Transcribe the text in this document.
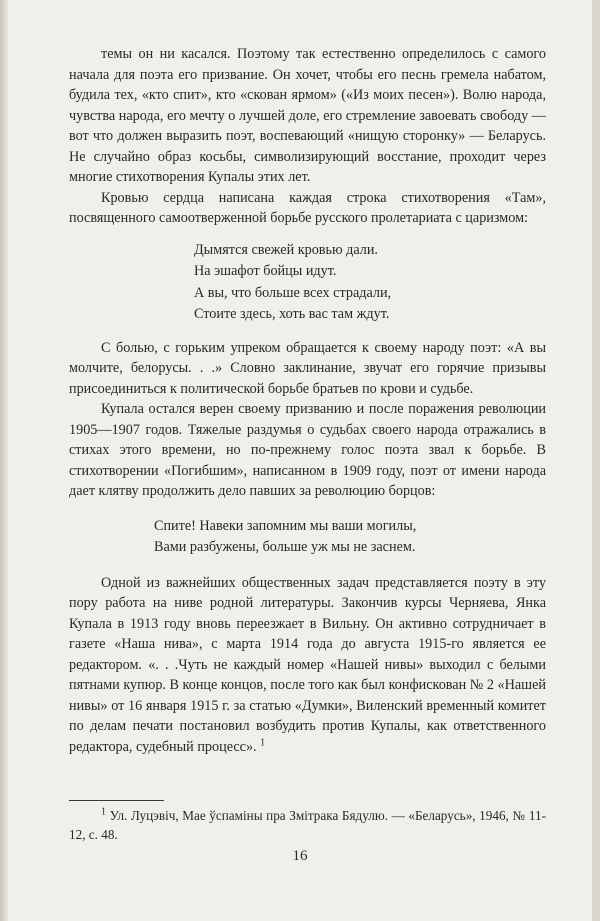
темы он ни касался. Поэтому так естественно определилось с самого начала для поэта его призвание. Он хочет, чтобы его песнь гремела набатом, будила тех, «кто спит», кто «скован ярмом» («Из моих песен»). Волю народа, чувства народа, его мечту о лучшей доле, его стремление завоевать свободу — вот что должен выразить поэт, воспевающий «нищую сторонку» — Беларусь. Не случайно образ косьбы, символизирующий восстание, проходит через многие стихотворения Купалы этих лет.

Кровью сердца написана каждая строка стихотворения «Там», посвященного самоотверженной борьбе русского пролетариата с царизмом:

Дымятся свежей кровью дали.
На эшафот бойцы идут.
А вы, что больше всех страдали,
Стоите здесь, хоть вас там ждут.

С болью, с горьким упреком обращается к своему народу поэт: «А вы молчите, белорусы. . .» Словно заклинание, звучат его горячие призывы присоединиться к политической борьбе братьев по крови и судьбе.

Купала остался верен своему призванию и после поражения революции 1905—1907 годов. Тяжелые раздумья о судьбах своего народа отражались в стихах этого времени, но по-прежнему голос поэта звал к борьбе. В стихотворении «Погибшим», написанном в 1909 году, поэт от имени народа дает клятву продолжить дело павших за революцию борцов:

Спите! Навеки запомним мы ваши могилы,
Вами разбужены, больше уж мы не заснем.

Одной из важнейших общественных задач представляется поэту в эту пору работа на ниве родной литературы. Закончив курсы Черняева, Янка Купала в 1913 году вновь переезжает в Вильну. Он активно сотрудничает в газете «Наша нива», с марта 1914 года до августа 1915-го является ее редактором. «. . .Чуть не каждый номер «Нашей нивы» выходил с белыми пятнами купюр. В конце концов, после того как был конфискован № 2 «Нашей нивы» от 16 января 1915 г. за статью «Думки», Виленский временный комитет по делам печати постановил возбудить против Купалы, как ответственного редактора, судебный процесс». $^1$

$^1$ Ул. Луцэвiч, Мае ўспамiны пра Змiтрака Бядулю. — «Беларусь», 1946, № 11-12, с. 48.
16
